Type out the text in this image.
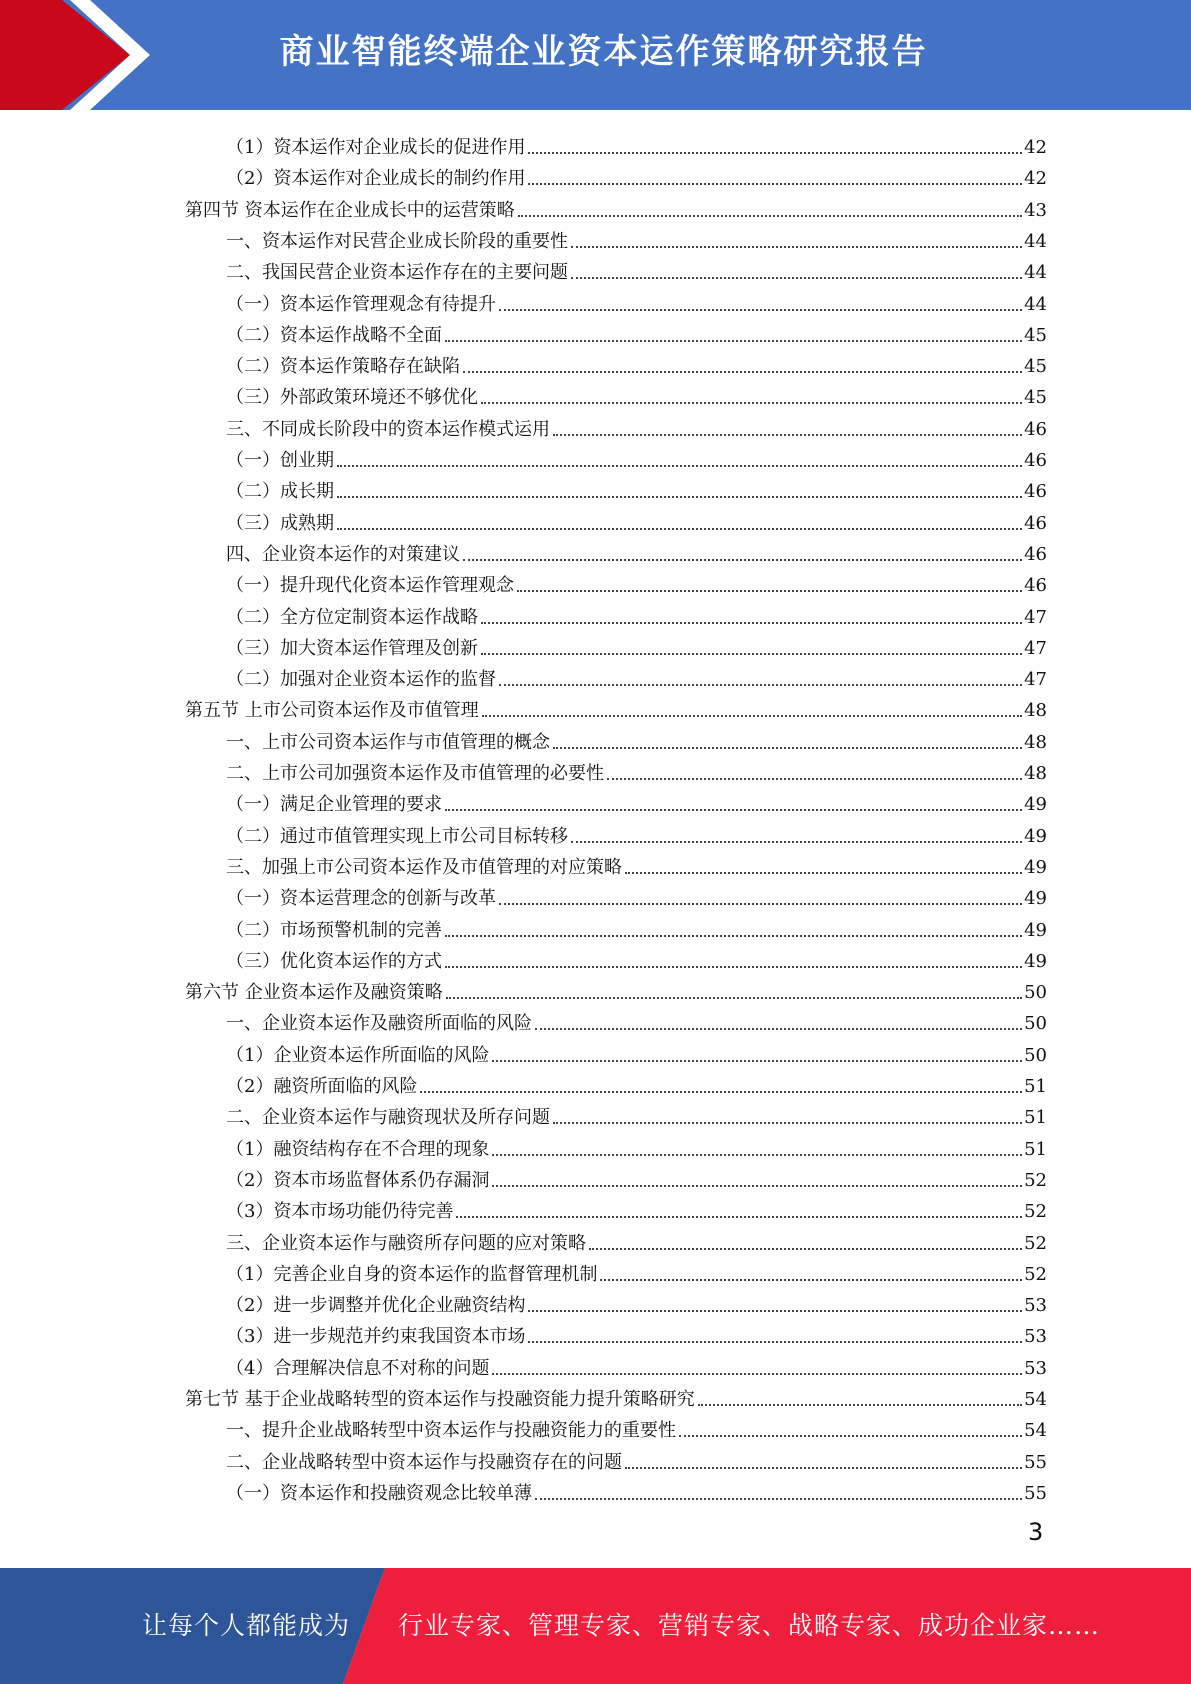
商业智能终端企业资本运作策略研究报告
（1）资本运作对企业成长的促进作用	42
（2）资本运作对企业成长的制约作用	42
第四节 资本运作在企业成长中的运营策略	43
一、资本运作对民营企业成长阶段的重要性	44
二、我国民营企业资本运作存在的主要问题	44
（一）资本运作管理观念有待提升	44
（二）资本运作战略不全面	45
（二）资本运作策略存在缺陷	45
（三）外部政策环境还不够优化	45
三、不同成长阶段中的资本运作模式运用	46
（一）创业期	46
（二）成长期	46
（三）成熟期	46
四、企业资本运作的对策建议	46
（一）提升现代化资本运作管理观念	46
（二）全方位定制资本运作战略	47
（三）加大资本运作管理及创新	47
（二）加强对企业资本运作的监督	47
第五节 上市公司资本运作及市值管理	48
一、上市公司资本运作与市值管理的概念	48
二、上市公司加强资本运作及市值管理的必要性	48
（一）满足企业管理的要求	49
（二）通过市值管理实现上市公司目标转移	49
三、加强上市公司资本运作及市值管理的对应策略	49
（一）资本运营理念的创新与改革	49
（二）市场预警机制的完善	49
（三）优化资本运作的方式	49
第六节 企业资本运作及融资策略	50
一、企业资本运作及融资所面临的风险	50
（1）企业资本运作所面临的风险	50
（2）融资所面临的风险	51
二、企业资本运作与融资现状及所存问题	51
（1）融资结构存在不合理的现象	51
（2）资本市场监督体系仍存漏洞	52
（3）资本市场功能仍待完善	52
三、企业资本运作与融资所存问题的应对策略	52
（1）完善企业自身的资本运作的监督管理机制	52
（2）进一步调整并优化企业融资结构	53
（3）进一步规范并约束我国资本市场	53
（4）合理解决信息不对称的问题	53
第七节 基于企业战略转型的资本运作与投融资能力提升策略研究	54
一、提升企业战略转型中资本运作与投融资能力的重要性	54
二、企业战略转型中资本运作与投融资存在的问题	55
（一）资本运作和投融资观念比较单薄	55
3
让每个人都能成为 行业专家、管理专家、营销专家、战略专家、成功企业家……
